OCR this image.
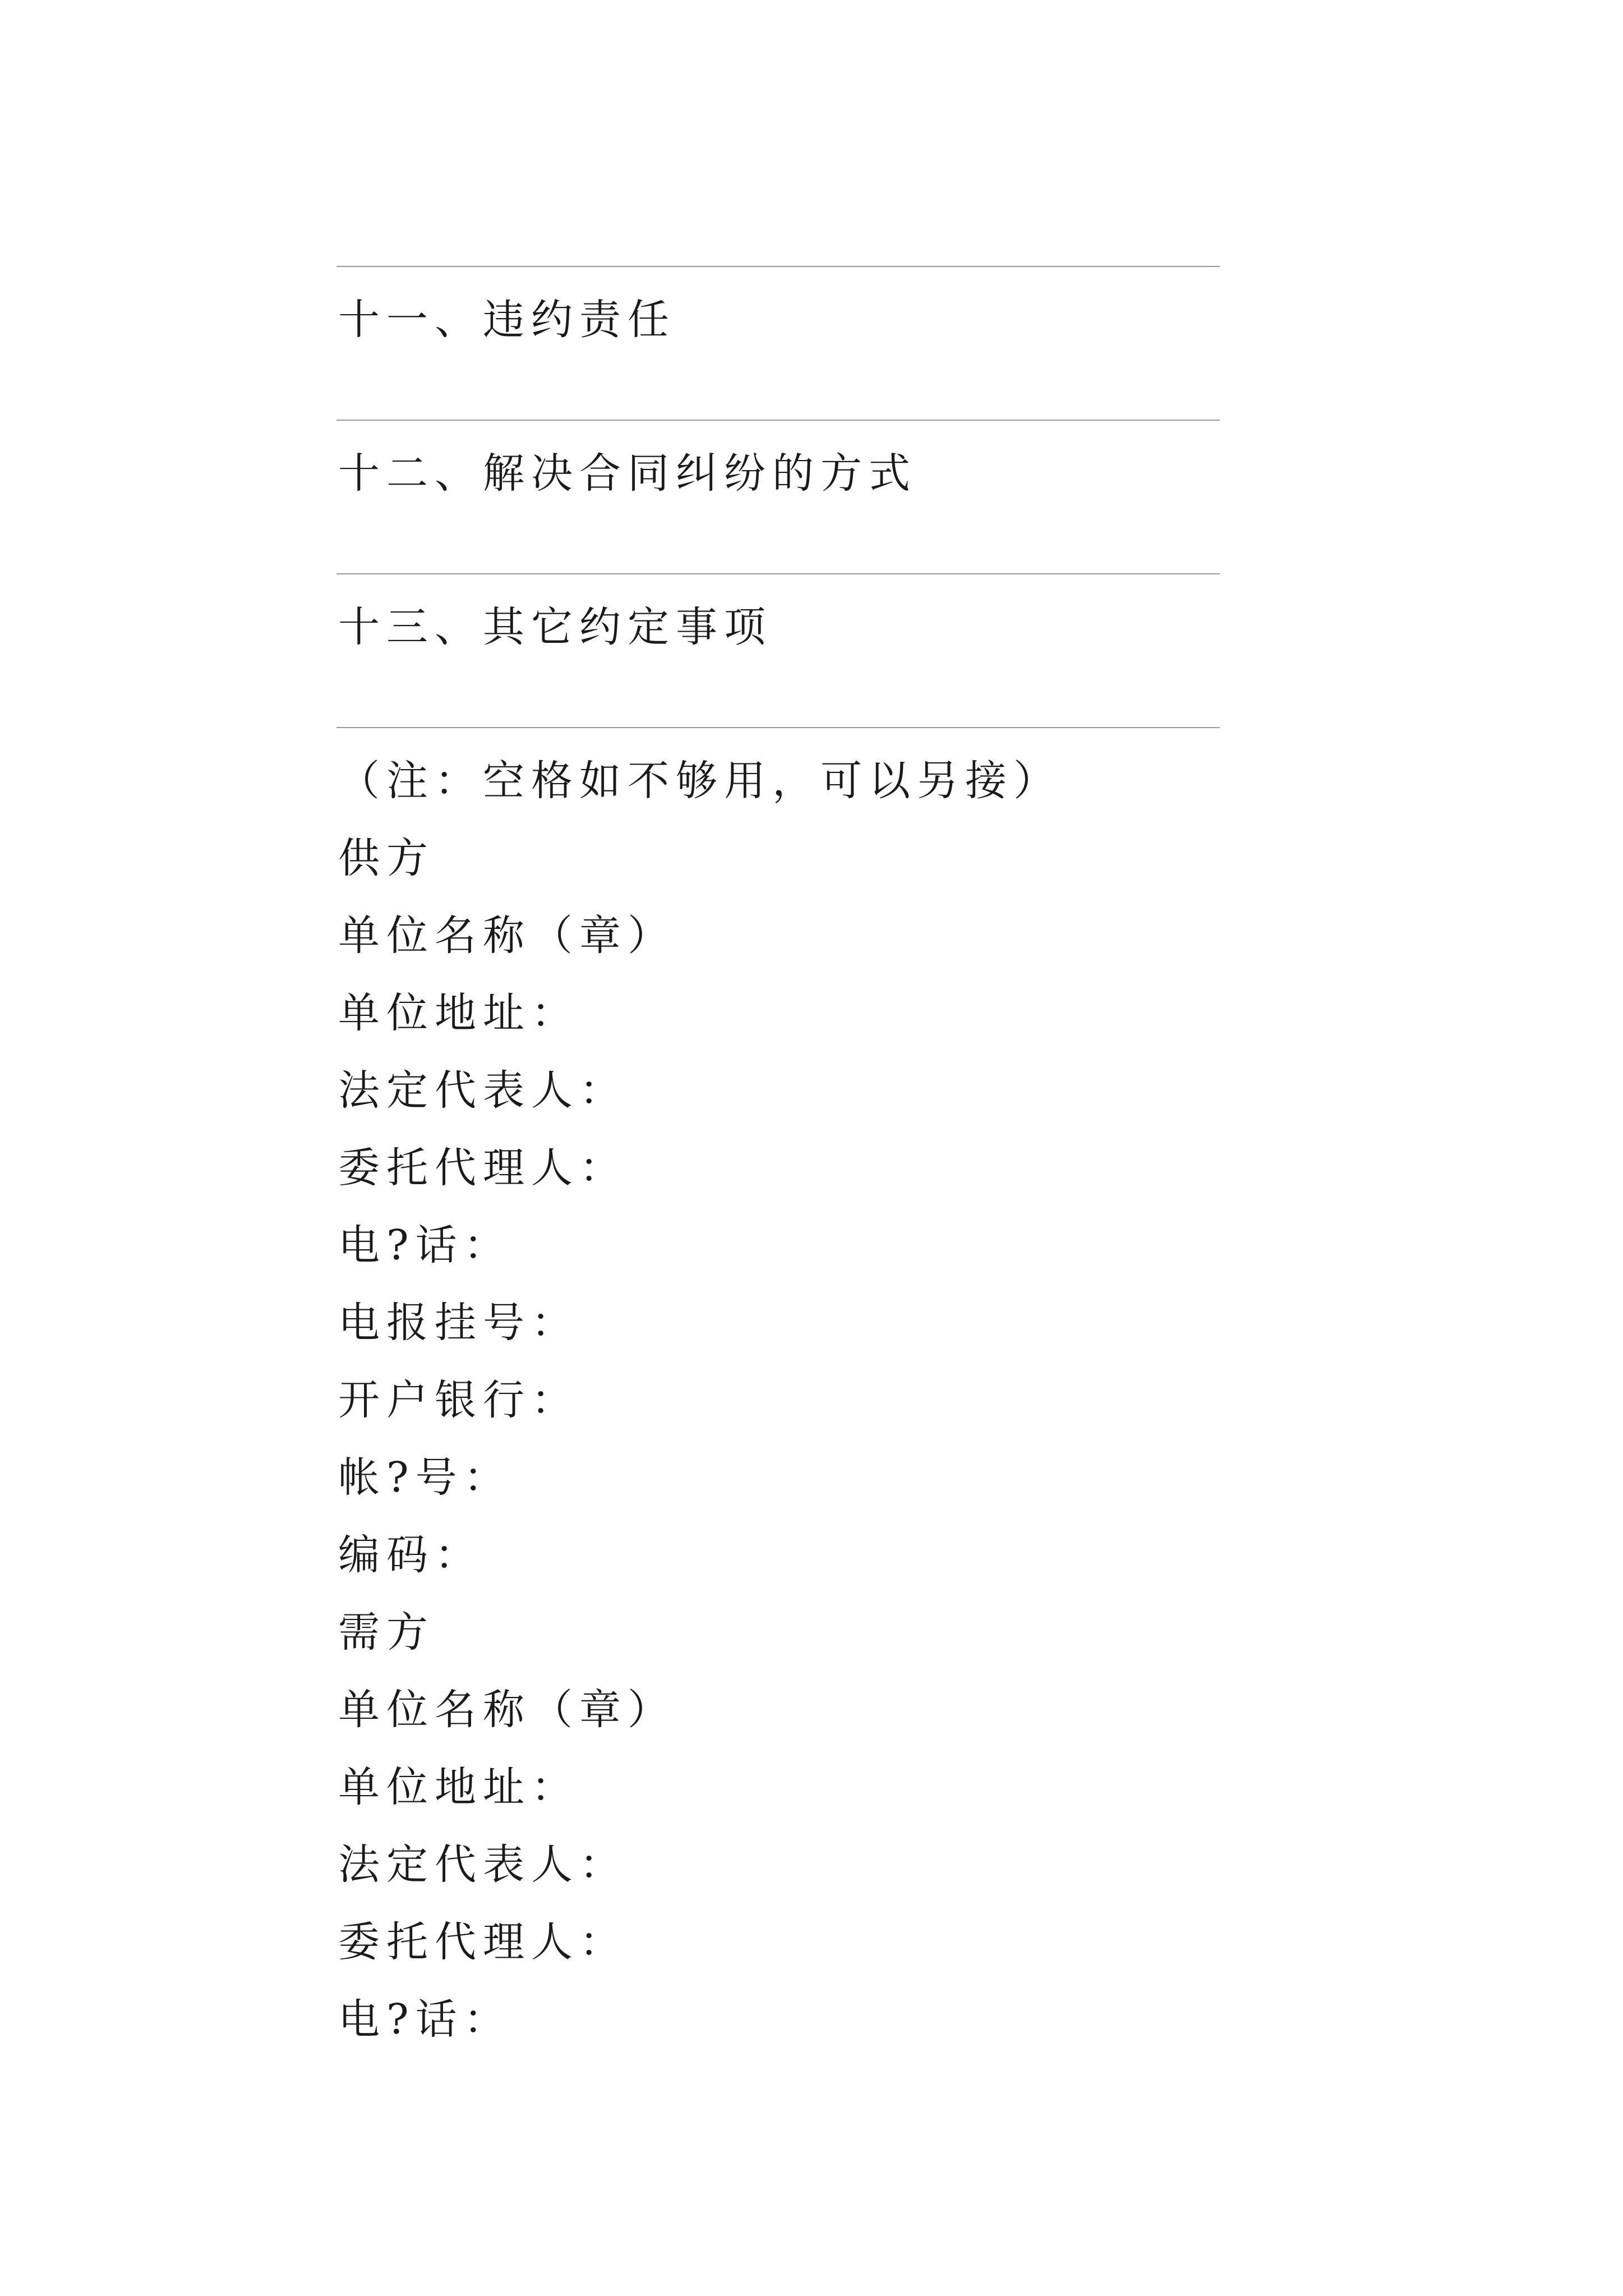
十一、违约责任
十二、解决合同纠纷的方式
十三、其它约定事项
（注：空格如不够用，可以另接）
供方
单位名称（章）
单位地址：
法定代表人：
委托代理人：
电?话：
电报挂号：
开户银行：
帐?号：
编码：
需方
单位名称（章）
单位地址：
法定代表人：
委托代理人：
电?话：
